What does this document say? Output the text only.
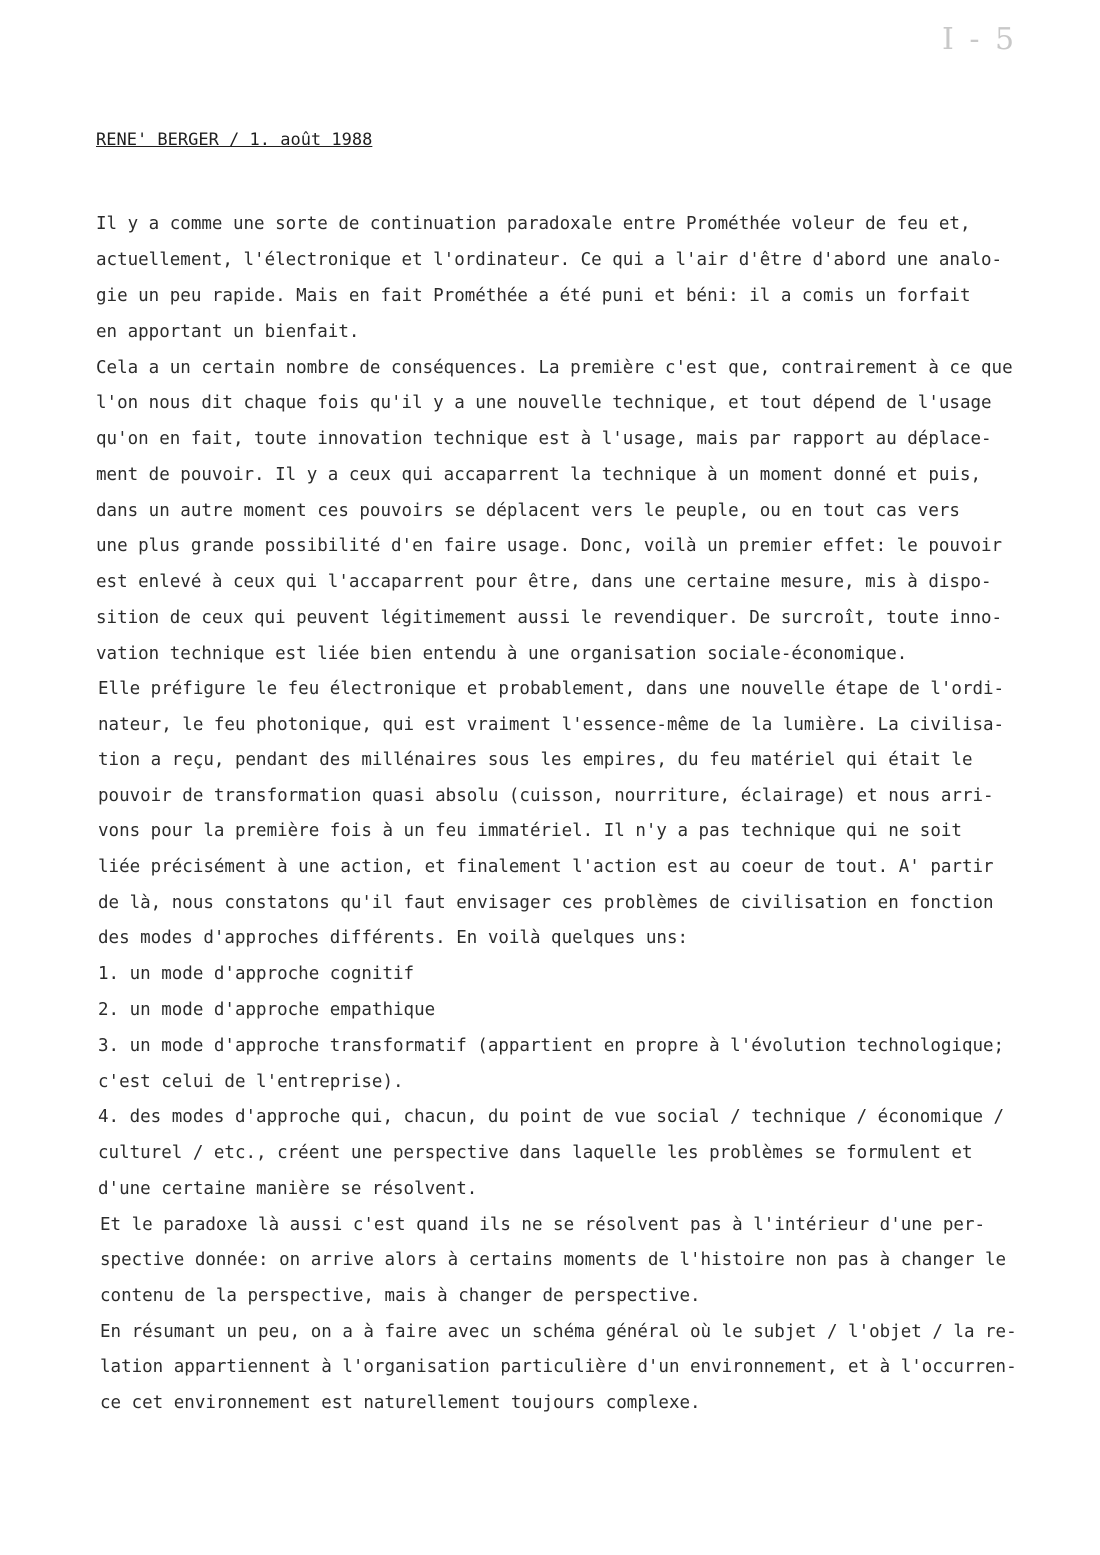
I - 5
RENE' BERGER / 1. août 1988
Il y a comme une sorte de continuation paradoxale entre Prométhée voleur de feu et,
actuellement, l'électronique et l'ordinateur. Ce qui a l'air d'être d'abord une analo-
gie un peu rapide. Mais en fait Prométhée a été puni et béni: il a comis un forfait
en apportant un bienfait.
Cela a un certain nombre de conséquences. La première c'est que, contrairement à ce que
l'on nous dit chaque fois qu'il y a une nouvelle technique, et tout dépend de l'usage
qu'on en fait, toute innovation technique est à l'usage, mais par rapport au déplace-
ment de pouvoir. Il y a ceux qui accaparrent la technique à un moment donné et puis,
dans un autre moment ces pouvoirs se déplacent vers le peuple, ou en tout cas vers
une plus grande possibilité d'en faire usage. Donc, voilà un premier effet: le pouvoir
est enlevé à ceux qui l'accaparrent pour être, dans une certaine mesure, mis à dispo-
sition de ceux qui peuvent légitimement aussi le revendiquer. De surcroît, toute inno-
vation technique est liée bien entendu à une organisation sociale-économique.
Elle préfigure le feu électronique et probablement, dans une nouvelle étape de l'ordi-
nateur, le feu photonique, qui est vraiment l'essence-même de la lumière. La civilisa-
tion a reçu, pendant des millénaires sous les empires, du feu matériel qui était le
pouvoir de transformation quasi absolu (cuisson, nourriture, éclairage) et nous arri-
vons pour la première fois à un feu immatériel. Il n'y a pas technique qui ne soit
liée précisément à une action, et finalement l'action est au coeur de tout. A' partir
de là, nous constatons qu'il faut envisager ces problèmes de civilisation en fonction
des modes d'approches différents. En voilà quelques uns:
1. un mode d'approche cognitif
2. un mode d'approche empathique
3. un mode d'approche transformatif (appartient en propre à l'évolution technologique;
c'est celui de l'entreprise).
4. des modes d'approche qui, chacun, du point de vue social / technique / économique /
culturel / etc., créent une perspective dans laquelle les problèmes se formulent et
d'une certaine manière se résolvent.
Et le paradoxe là aussi c'est quand ils ne se résolvent pas à l'intérieur d'une per-
spective donnée: on arrive alors à certains moments de l'histoire non pas à changer le
contenu de la perspective, mais à changer de perspective.
En résumant un peu, on a à faire avec un schéma général où le subjet / l'objet / la re-
lation appartiennent à l'organisation particulière d'un environnement, et à l'occurren-
ce cet environnement est naturellement toujours complexe.
